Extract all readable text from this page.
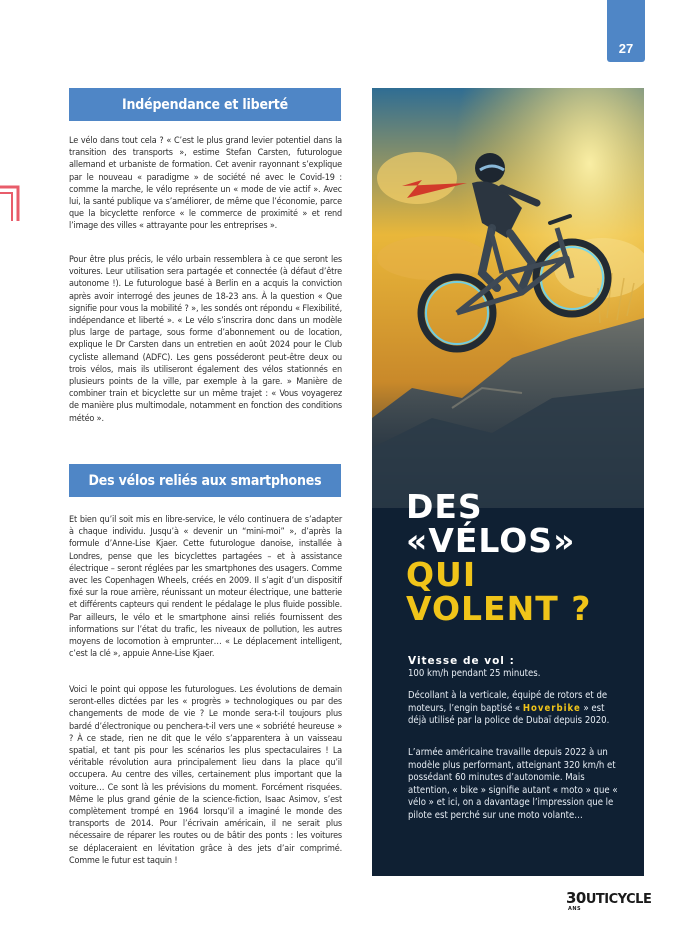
27
Indépendance et liberté

Le vélo dans tout cela ? « C’est le plus grand levier potentiel dans la transition des transports », estime Stefan Carsten, futurologue allemand et urbaniste de formation. Cet avenir rayonnant s’explique par le nouveau « paradigme » de société né avec le Covid-19 : comme la marche, le vélo représente un « mode de vie actif ». Avec lui, la santé publique va s’améliorer, de même que l’économie, parce que la bicyclette renforce « le commerce de proximité » et rend l’image des villes « attrayante pour les entreprises ».

Pour être plus précis, le vélo urbain ressemblera à ce que seront les voitures. Leur utilisation sera partagée et connectée (à défaut d’être autonome !). Le futurologue basé à Berlin en a acquis la conviction après avoir interrogé des jeunes de 18-23 ans. À la question « Que signifie pour vous la mobilité ? », les sondés ont répondu « Flexibilité, indépendance et liberté ». « Le vélo s’inscrira donc dans un modèle plus large de partage, sous forme d’abonnement ou de location, explique le Dr Carsten dans un entretien en août 2024 pour le Club cycliste allemand (ADFC). Les gens posséderont peut-être deux ou trois vélos, mais ils utiliseront également des vélos stationnés en plusieurs points de la ville, par exemple à la gare. » Manière de combiner train et bicyclette sur un même trajet : « Vous voyagerez de manière plus multimodale, notamment en fonction des conditions météo ».

Des vélos reliés aux smartphones

Et bien qu’il soit mis en libre-service, le vélo continuera de s’adapter à chaque individu. Jusqu’à « devenir un “mini-moi” », d’après la formule d’Anne-Lise Kjaer. Cette futurologue danoise, installée à Londres, pense que les bicyclettes partagées – et à assistance électrique – seront réglées par les smartphones des usagers. Comme avec les Copenhagen Wheels, créés en 2009. Il s’agit d’un dispositif fixé sur la roue arrière, réunissant un moteur électrique, une batterie et différents capteurs qui rendent le pédalage le plus fluide possible. Par ailleurs, le vélo et le smartphone ainsi reliés fournissent des informations sur l’état du trafic, les niveaux de pollution, les autres moyens de locomotion à emprunter… « Le déplacement intelligent, c’est la clé », appuie Anne-Lise Kjaer.

Voici le point qui oppose les futurologues. Les évolutions de demain seront-elles dictées par les « progrès » technologiques ou par des changements de mode de vie ? Le monde sera-t-il toujours plus bardé d’électronique ou penchera-t-il vers une « sobriété heureuse » ? À ce stade, rien ne dit que le vélo s’apparentera à un vaisseau spatial, et tant pis pour les scénarios les plus spectaculaires ! La véritable révolution aura principalement lieu dans la place qu’il occupera. Au centre des villes, certainement plus important que la voiture… Ce sont là les prévisions du moment. Forcément risquées. Même le plus grand génie de la science-fiction, Isaac Asimov, s’est complètement trompé en 1964 lorsqu’il a imaginé le monde des transports de 2014. Pour l’écrivain américain, il ne serait plus nécessaire de réparer les routes ou de bâtir des ponts : les voitures se déplaceraient en lévitation grâce à des jets d’air comprimé. Comme le futur est taquin !

DES
«VÉLOS»
QUI
VOLENT ?

Vitesse de vol :
100 km/h pendant 25 minutes.

Décollant à la verticale, équipé de rotors et de moteurs, l’engin baptisé « Hoverbike » est déjà utilisé par la police de Dubaï depuis 2020.

L’armée américaine travaille depuis 2022 à un modèle plus performant, atteignant 320 km/h et possédant 60 minutes d’autonomie. Mais attention, « bike » signifie autant « moto » que « vélo » et ici, on a davantage l’impression que le pilote est perché sur une moto volante…

30UTICYCLE
ANS
